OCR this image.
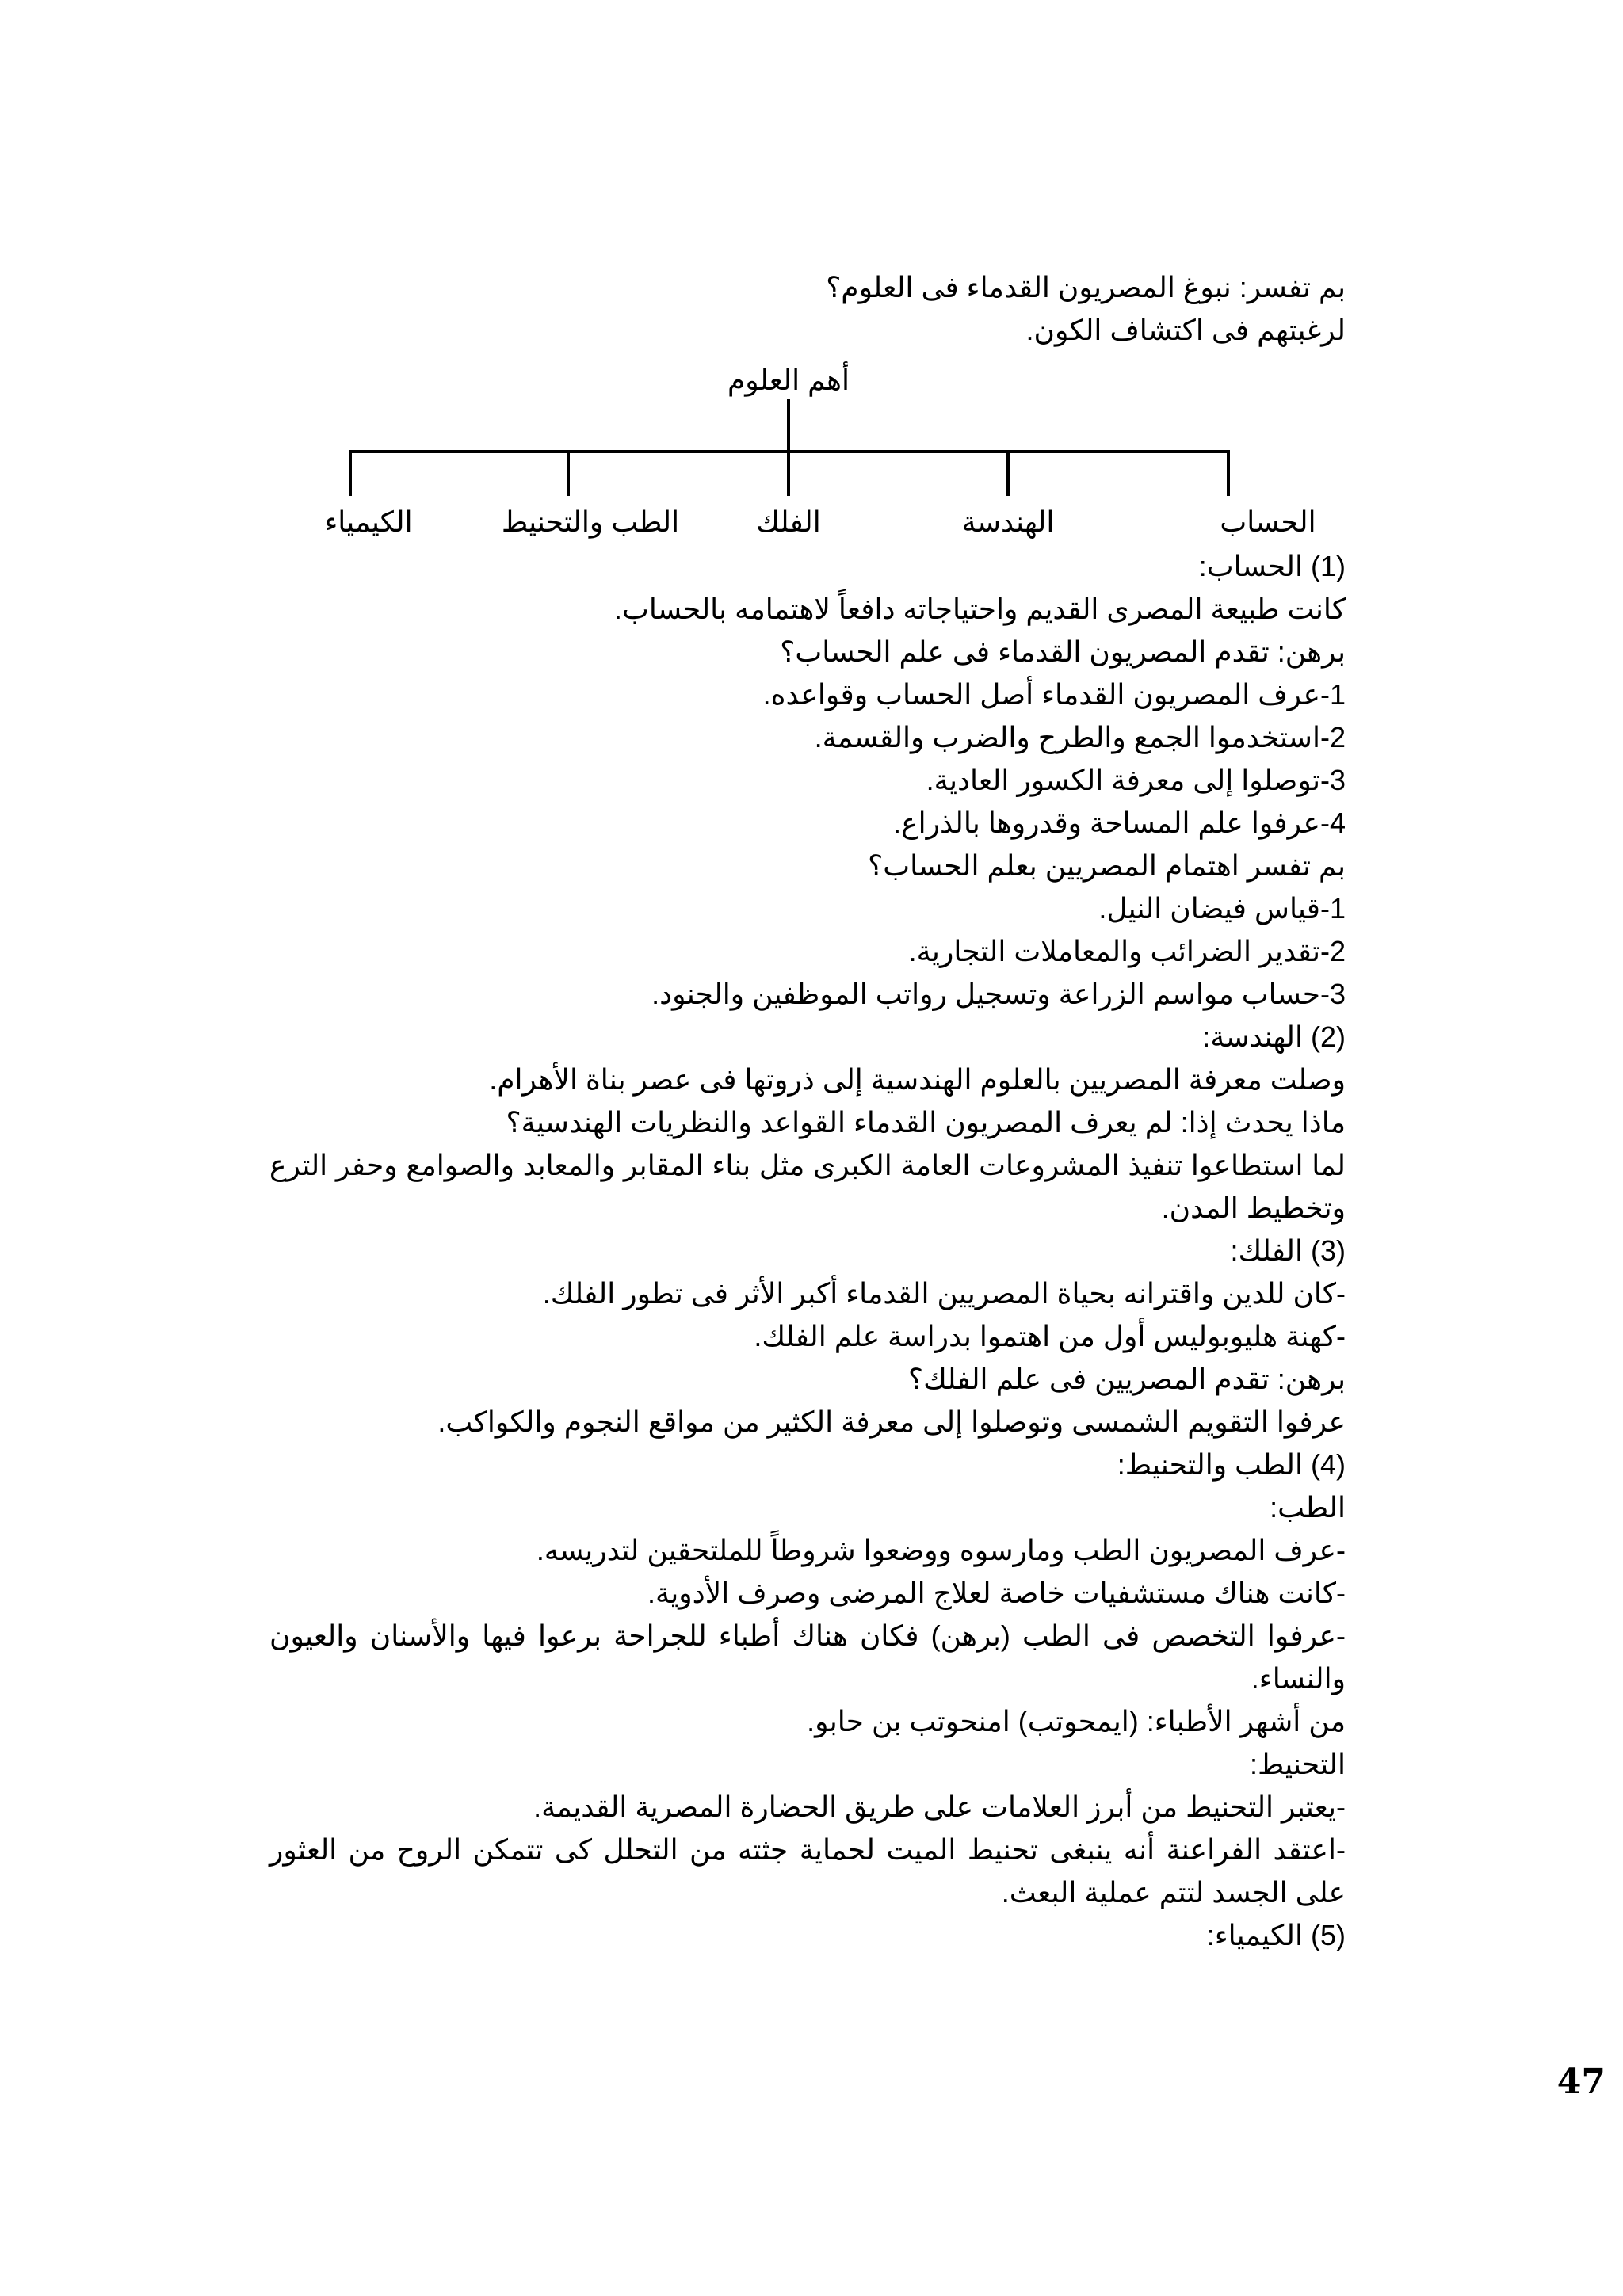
بم تفسر: نبوغ المصريون القدماء فى العلوم؟

لرغبتهم فى اكتشاف الكون.

أهم العلوم
الحساب
الهندسة
الفلك
الطب والتحنيط
الكيمياء

(1) الحساب:

كانت طبيعة المصرى القديم واحتياجاته دافعاً لاهتمامه بالحساب.

برهن: تقدم المصريون القدماء فى علم الحساب؟

1-عرف المصريون القدماء أصل الحساب وقواعده.

2-استخدموا الجمع والطرح والضرب والقسمة.

3-توصلوا إلى معرفة الكسور العادية.

4-عرفوا علم المساحة وقدروها بالذراع.

بم تفسر اهتمام المصريين بعلم الحساب؟

1-قياس فيضان النيل.

2-تقدير الضرائب والمعاملات التجارية.

3-حساب مواسم الزراعة وتسجيل رواتب الموظفين والجنود.

(2) الهندسة:

وصلت معرفة المصريين بالعلوم الهندسية إلى ذروتها فى عصر بناة الأهرام.

ماذا يحدث إذا: لم يعرف المصريون القدماء القواعد والنظريات الهندسية؟

لما استطاعوا تنفيذ المشروعات العامة الكبرى مثل بناء المقابر والمعابد والصوامع وحفر الترع وتخطيط المدن.

(3) الفلك:

-كان للدين واقترانه بحياة المصريين القدماء أكبر الأثر فى تطور الفلك.

-كهنة هليوبوليس أول من اهتموا بدراسة علم الفلك.

برهن: تقدم المصريين فى علم الفلك؟

عرفوا التقويم الشمسى وتوصلوا إلى معرفة الكثير من مواقع النجوم والكواكب.

(4) الطب والتحنيط:

الطب:

-عرف المصريون الطب ومارسوه ووضعوا شروطاً للملتحقين لتدريسه.

-كانت هناك مستشفيات خاصة لعلاج المرضى وصرف الأدوية.

-عرفوا التخصص فى الطب (برهن) فكان هناك أطباء للجراحة برعوا فيها والأسنان والعيون والنساء.

من أشهر الأطباء: (ايمحوتب) امنحوتب بن حابو.

التحنيط:

-يعتبر التحنيط من أبرز العلامات على طريق الحضارة المصرية القديمة.

-اعتقد الفراعنة أنه ينبغى تحنيط الميت لحماية جثته من التحلل كى تتمكن الروح من العثور على الجسد لتتم عملية البعث.

(5) الكيمياء:

47
